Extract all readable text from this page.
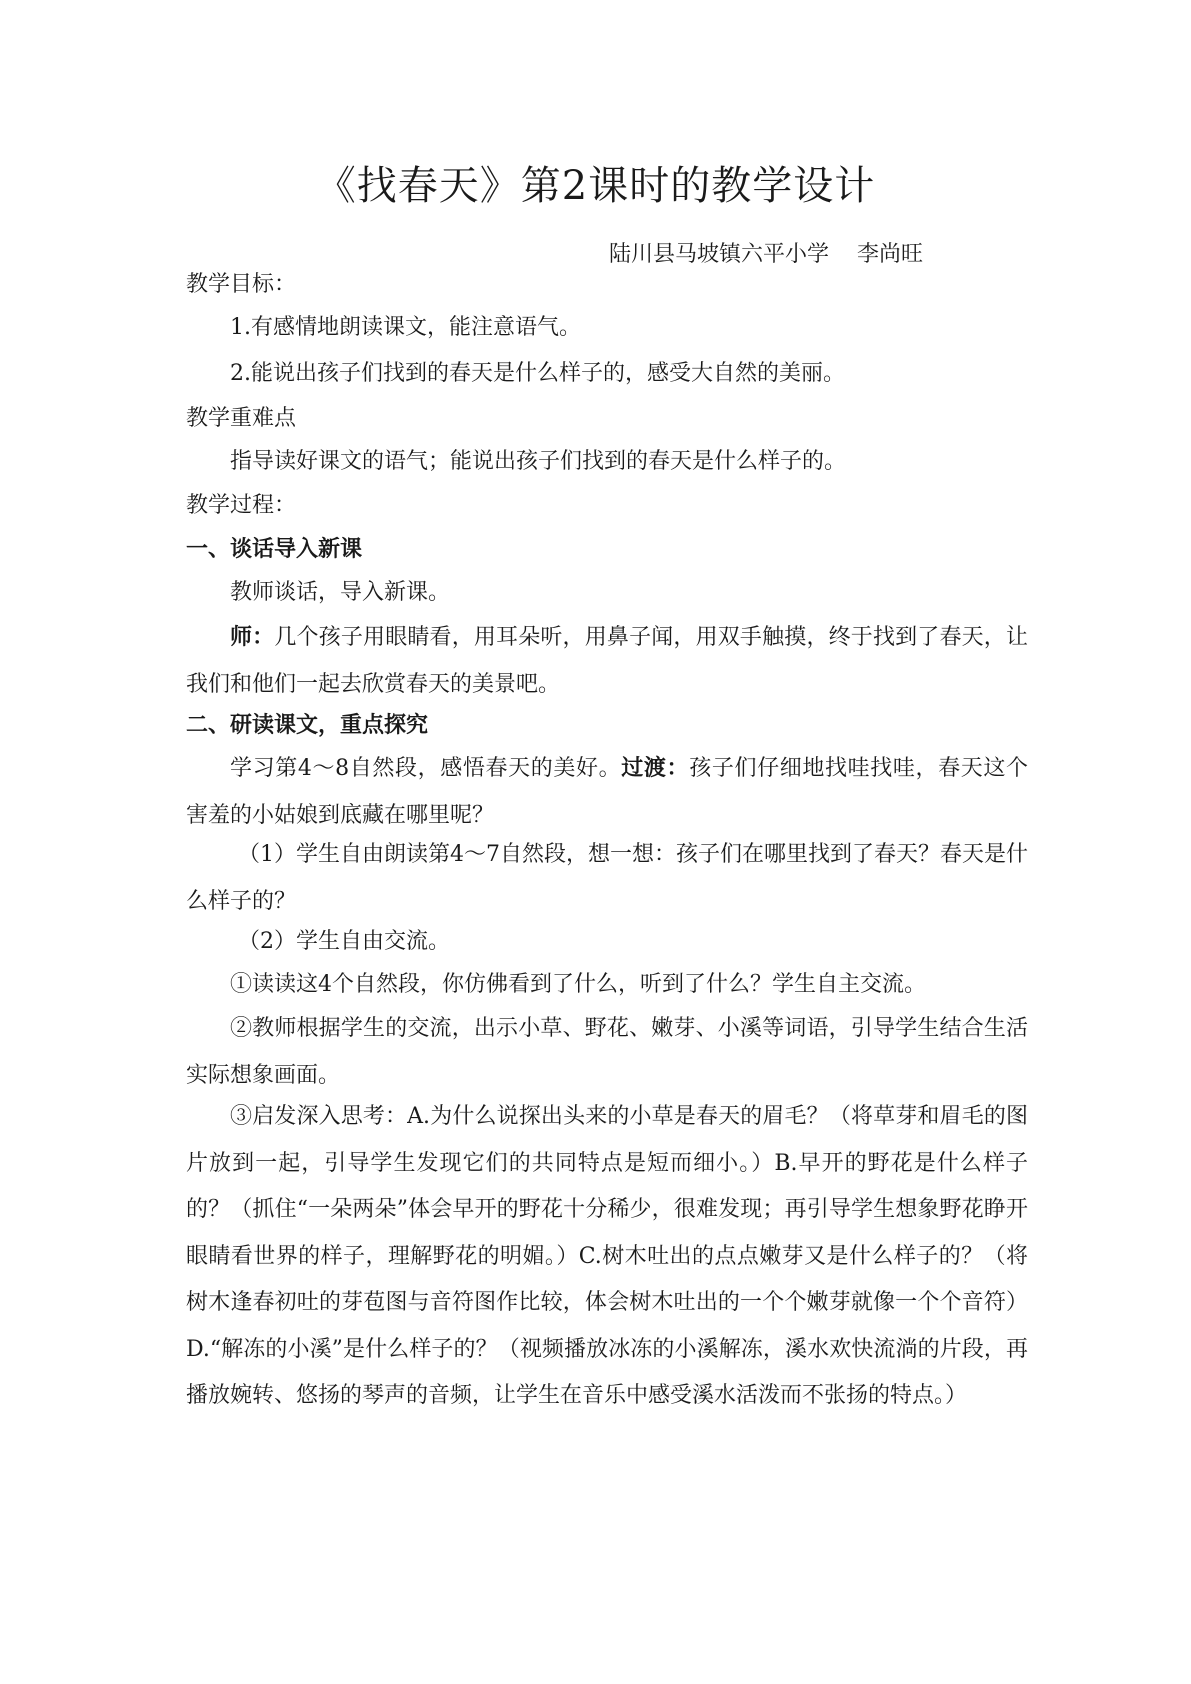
《找春天》第2课时的教学设计
陆川县马坡镇六平小学    李尚旺

教学目标：

1.有感情地朗读课文，能注意语气。

2.能说出孩子们找到的春天是什么样子的，感受大自然的美丽。

教学重难点

指导读好课文的语气；能说出孩子们找到的春天是什么样子的。

教学过程：

一、谈话导入新课

教师谈话，导入新课。

师：几个孩子用眼睛看，用耳朵听，用鼻子闻，用双手触摸，终于找到了春天，让我们和他们一起去欣赏春天的美景吧。

二、研读课文，重点探究

学习第4～8自然段，感悟春天的美好。过渡：孩子们仔细地找哇找哇，春天这个害羞的小姑娘到底藏在哪里呢？

（1）学生自由朗读第4～7自然段，想一想：孩子们在哪里找到了春天？春天是什么样子的？

（2）学生自由交流。

①读读这4个自然段，你仿佛看到了什么，听到了什么？学生自主交流。

②教师根据学生的交流，出示小草、野花、嫩芽、小溪等词语，引导学生结合生活实际想象画面。

③启发深入思考：A.为什么说探出头来的小草是春天的眉毛？（将草芽和眉毛的图片放到一起，引导学生发现它们的共同特点是短而细小。）B.早开的野花是什么样子的？（抓住“一朵两朵”体会早开的野花十分稀少，很难发现；再引导学生想象野花睁开眼睛看世界的样子，理解野花的明媚。）C.树木吐出的点点嫩芽又是什么样子的？（将树木逢春初吐的芽苞图与音符图作比较，体会树木吐出的一个个嫩芽就像一个个音符）D.“解冻的小溪”是什么样子的？（视频播放冰冻的小溪解冻，溪水欢快流淌的片段，再播放婉转、悠扬的琴声的音频，让学生在音乐中感受溪水活泼而不张扬的特点。）
